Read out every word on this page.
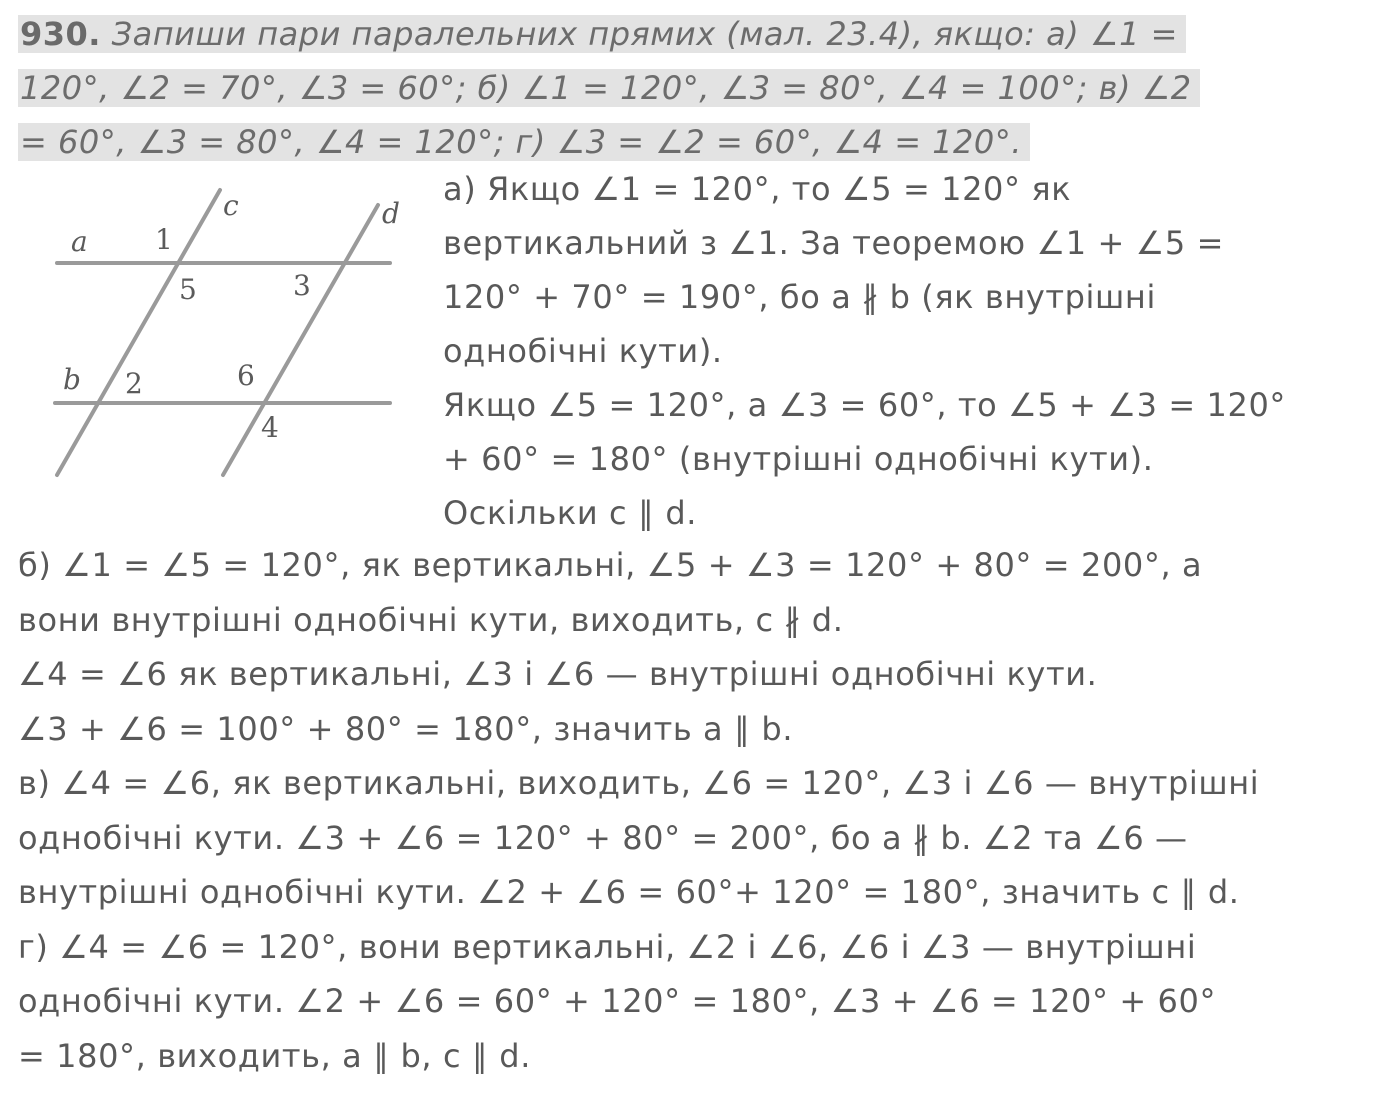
930. Запиши пари паралельних прямих (мал. 23.4), якщо: а) ∠1 =

120°, ∠2 = 70°, ∠3 = 60°; б) ∠1 = 120°, ∠3 = 80°, ∠4 = 100°; в) ∠2

= 60°, ∠3 = 80°, ∠4 = 120°; г) ∠3 = ∠2 = 60°, ∠4 = 120°.

a
b
c	d
1
5	3
2	6
4

а) Якщо ∠1 = 120°, то ∠5 = 120° як

вертикальний з ∠1. За теоремою ∠1 + ∠5 =

120° + 70° = 190°, бо a ∦ b (як внутрішні

однобічні кути).

Якщо ∠5 = 120°, а ∠3 = 60°, то ∠5 + ∠3 = 120°

+ 60° = 180° (внутрішні однобічні кути).

Оскільки c ∥ d.

б) ∠1 = ∠5 = 120°, як вертикальні, ∠5 + ∠3 = 120° + 80° = 200°, а

вони внутрішні однобічні кути, виходить, c ∦ d.

∠4 = ∠6 як вертикальні, ∠3 і ∠6 — внутрішні однобічні кути.

∠3 + ∠6 = 100° + 80° = 180°, значить a ∥ b.

в) ∠4 = ∠6, як вертикальні, виходить, ∠6 = 120°, ∠3 і ∠6 — внутрішні

однобічні кути. ∠3 + ∠6 = 120° + 80° = 200°, бо a ∦ b. ∠2 та ∠6 —

внутрішні однобічні кути. ∠2 + ∠6 = 60°+ 120° = 180°, значить c ∥ d.

г) ∠4 = ∠6 = 120°, вони вертикальні, ∠2 і ∠6, ∠6 і ∠3 — внутрішні

однобічні кути. ∠2 + ∠6 = 60° + 120° = 180°, ∠3 + ∠6 = 120° + 60°

= 180°, виходить, a ∥ b, c ∥ d.
